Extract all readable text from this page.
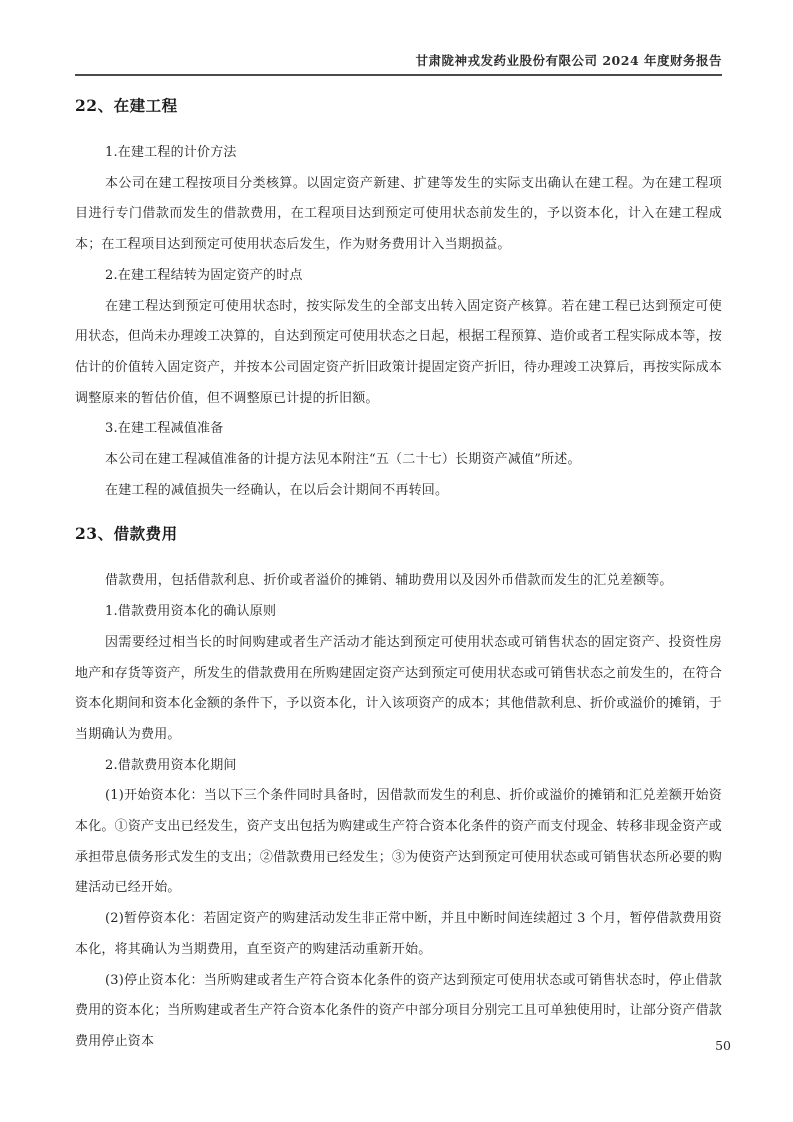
甘肃陇神戎发药业股份有限公司 2024 年度财务报告
22、在建工程

1.在建工程的计价方法

本公司在建工程按项目分类核算。以固定资产新建、扩建等发生的实际支出确认在建工程。为在建工程项目进行专门借款而发生的借款费用，在工程项目达到预定可使用状态前发生的，予以资本化，计入在建工程成本；在工程项目达到预定可使用状态后发生，作为财务费用计入当期损益。

2.在建工程结转为固定资产的时点

在建工程达到预定可使用状态时，按实际发生的全部支出转入固定资产核算。若在建工程已达到预定可使用状态，但尚未办理竣工决算的，自达到预定可使用状态之日起，根据工程预算、造价或者工程实际成本等，按估计的价值转入固定资产，并按本公司固定资产折旧政策计提固定资产折旧，待办理竣工决算后，再按实际成本调整原来的暂估价值，但不调整原已计提的折旧额。

3.在建工程减值准备

本公司在建工程减值准备的计提方法见本附注“五（二十七）长期资产减值”所述。

在建工程的减值损失一经确认，在以后会计期间不再转回。

23、借款费用

借款费用，包括借款利息、折价或者溢价的摊销、辅助费用以及因外币借款而发生的汇兑差额等。

1.借款费用资本化的确认原则

因需要经过相当长的时间购建或者生产活动才能达到预定可使用状态或可销售状态的固定资产、投资性房地产和存货等资产，所发生的借款费用在所购建固定资产达到预定可使用状态或可销售状态之前发生的，在符合资本化期间和资本化金额的条件下，予以资本化，计入该项资产的成本；其他借款利息、折价或溢价的摊销，于当期确认为费用。

2.借款费用资本化期间

(1)开始资本化：当以下三个条件同时具备时，因借款而发生的利息、折价或溢价的摊销和汇兑差额开始资本化。①资产支出已经发生，资产支出包括为购建或生产符合资本化条件的资产而支付现金、转移非现金资产或承担带息债务形式发生的支出；②借款费用已经发生；③为使资产达到预定可使用状态或可销售状态所必要的购建活动已经开始。

(2)暂停资本化：若固定资产的购建活动发生非正常中断，并且中断时间连续超过 3 个月，暂停借款费用资本化，将其确认为当期费用，直至资产的购建活动重新开始。

(3)停止资本化：当所购建或者生产符合资本化条件的资产达到预定可使用状态或可销售状态时，停止借款费用的资本化；当所购建或者生产符合资本化条件的资产中部分项目分别完工且可单独使用时，让部分资产借款费用停止资本	50
